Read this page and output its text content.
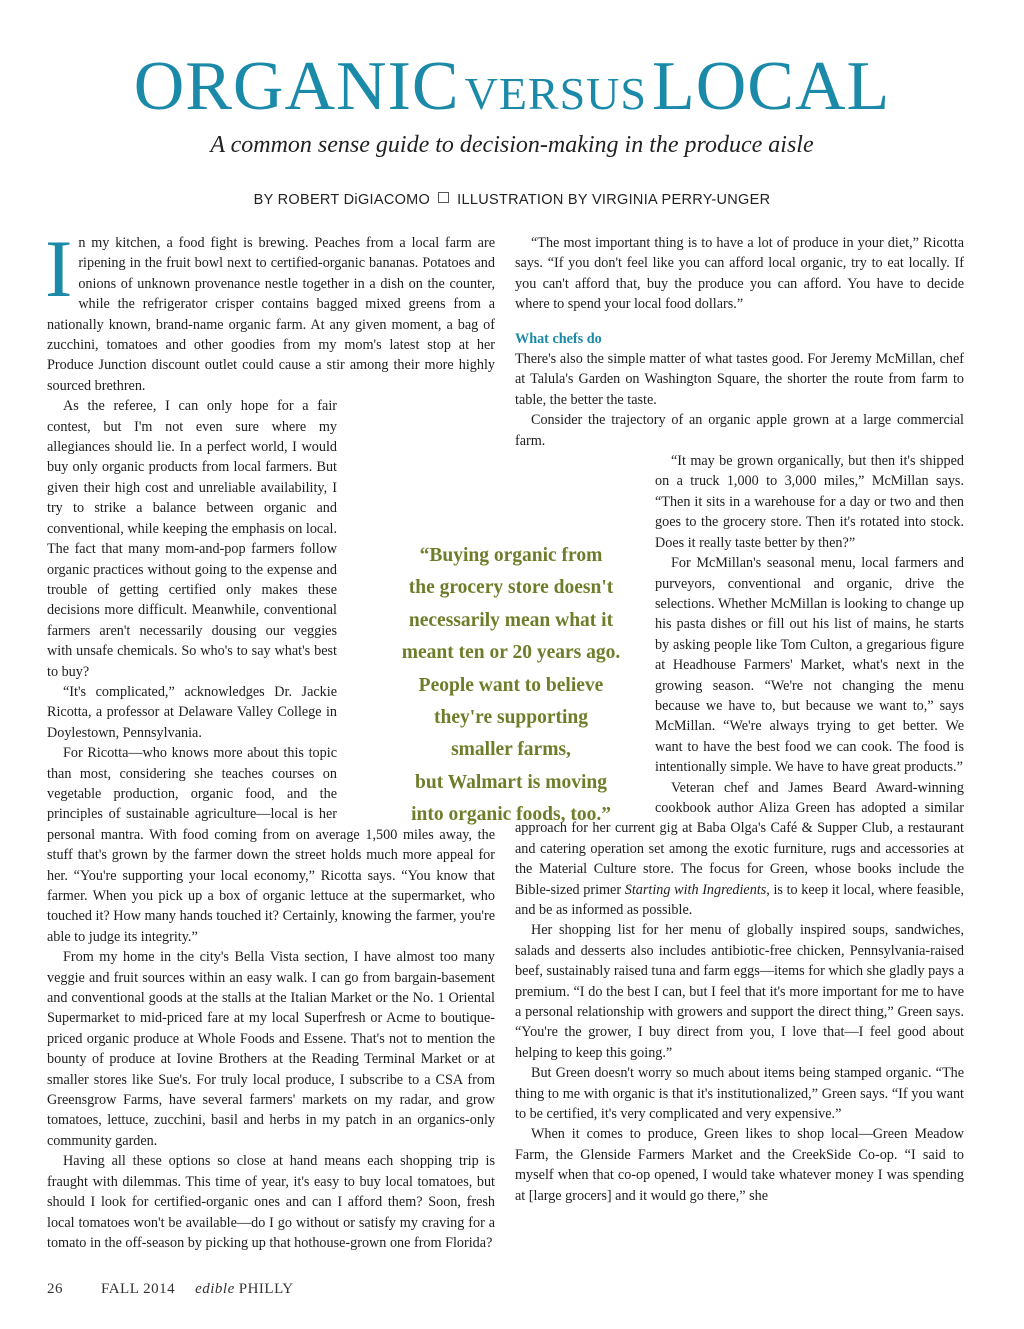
ORGANIC VERSUS LOCAL
A common sense guide to decision-making in the produce aisle
BY ROBERT DiGIACOMO ILLUSTRATION BY VIRGINIA PERRY-UNGER

In my kitchen, a food fight is brewing. Peaches from a local farm are ripening in the fruit bowl next to certified-organic bananas. Potatoes and onions of unknown provenance nestle together in a dish on the counter, while the refrigerator crisper contains bagged mixed greens from a nationally known, brand-name organic farm. At any given moment, a bag of zucchini, tomatoes and other goodies from my mom's latest stop at her Produce Junction discount outlet could cause a stir among their more highly sourced brethren.

As the referee, I can only hope for a fair contest, but I'm not even sure where my allegiances should lie. In a perfect world, I would buy only organic products from local farmers. But given their high cost and unreliable availability, I try to strike a balance between organic and conventional, while keeping the emphasis on local. The fact that many mom-and-pop farmers follow organic practices without going to the expense and trouble of getting certified only makes these decisions more difficult. Meanwhile, conventional farmers aren't necessarily dousing our veggies with unsafe chemicals. So who's to say what's best to buy?

“It's complicated,” acknowledges Dr. Jackie Ricotta, a professor at Delaware Valley College in Doylestown, Pennsylvania.

For Ricotta—who knows more about this topic than most, considering she teaches courses on vegetable production, organic food, and the principles of sustainable agriculture—local is her personal mantra. With food coming from on average 1,500 miles away, the stuff that's grown by the farmer down the street holds much more appeal for her. “You're supporting your local economy,” Ricotta says. “You know that farmer. When you pick up a box of organic lettuce at the supermarket, who touched it? How many hands touched it? Certainly, knowing the farmer, you're able to judge its integrity.”

From my home in the city's Bella Vista section, I have almost too many veggie and fruit sources within an easy walk. I can go from bargain-basement and conventional goods at the stalls at the Italian Market or the No. 1 Oriental Supermarket to mid-priced fare at my local Superfresh or Acme to boutique-priced organic produce at Whole Foods and Essene. That's not to mention the bounty of produce at Iovine Brothers at the Reading Terminal Market or at smaller stores like Sue's. For truly local produce, I subscribe to a CSA from Greensgrow Farms, have several farmers' markets on my radar, and grow tomatoes, lettuce, zucchini, basil and herbs in my patch in an organics-only community garden.

Having all these options so close at hand means each shopping trip is fraught with dilemmas. This time of year, it's easy to buy local tomatoes, but should I look for certified-organic ones and can I afford them? Soon, fresh local tomatoes won't be available—do I go without or satisfy my craving for a tomato in the off-season by picking up that hothouse-grown one from Florida?

“The most important thing is to have a lot of produce in your diet,” Ricotta says. “If you don't feel like you can afford local organic, try to eat locally. If you can't afford that, buy the produce you can afford. You have to decide where to spend your local food dollars.”

What chefs do

There's also the simple matter of what tastes good. For Jeremy McMillan, chef at Talula's Garden on Washington Square, the shorter the route from farm to table, the better the taste.

Consider the trajectory of an organic apple grown at a large commercial farm.

“It may be grown organically, but then it's shipped on a truck 1,000 to 3,000 miles,” McMillan says. “Then it sits in a warehouse for a day or two and then goes to the grocery store. Then it's rotated into stock. Does it really taste better by then?”

For McMillan's seasonal menu, local farmers and purveyors, conventional and organic, drive the selections. Whether McMillan is looking to change up his pasta dishes or fill out his list of mains, he starts by asking people like Tom Culton, a gregarious figure at Headhouse Farmers' Market, what's next in the growing season. “We're not changing the menu because we have to, but because we want to,” says McMillan. “We're always trying to get better. We want to have the best food we can cook. The food is intentionally simple. We have to have great products.”

Veteran chef and James Beard Award-winning cookbook author Aliza Green has adopted a similar approach for her current gig at Baba Olga's Café & Supper Club, a restaurant and catering operation set among the exotic furniture, rugs and accessories at the Material Culture store. The focus for Green, whose books include the Bible-sized primer Starting with Ingredients, is to keep it local, where feasible, and be as informed as possible.

Her shopping list for her menu of globally inspired soups, sandwiches, salads and desserts also includes antibiotic-free chicken, Pennsylvania-raised beef, sustainably raised tuna and farm eggs—items for which she gladly pays a premium. “I do the best I can, but I feel that it's more important for me to have a personal relationship with growers and support the direct thing,” Green says. “You're the grower, I buy direct from you, I love that—I feel good about helping to keep this going.”

But Green doesn't worry so much about items being stamped organic. “The thing to me with organic is that it's institutionalized,” Green says. “If you want to be certified, it's very complicated and very expensive.”

When it comes to produce, Green likes to shop local—Green Meadow Farm, the Glenside Farmers Market and the CreekSide Co-op. “I said to myself when that co-op opened, I would take whatever money I was spending at [large grocers] and it would go there,” she

“Buying organic from
the grocery store doesn't
necessarily mean what it
meant ten or 20 years ago.
People want to believe
they're supporting
smaller farms,
but Walmart is moving
into organic foods, too.”
26	FALL 2014 edible PHILLY
